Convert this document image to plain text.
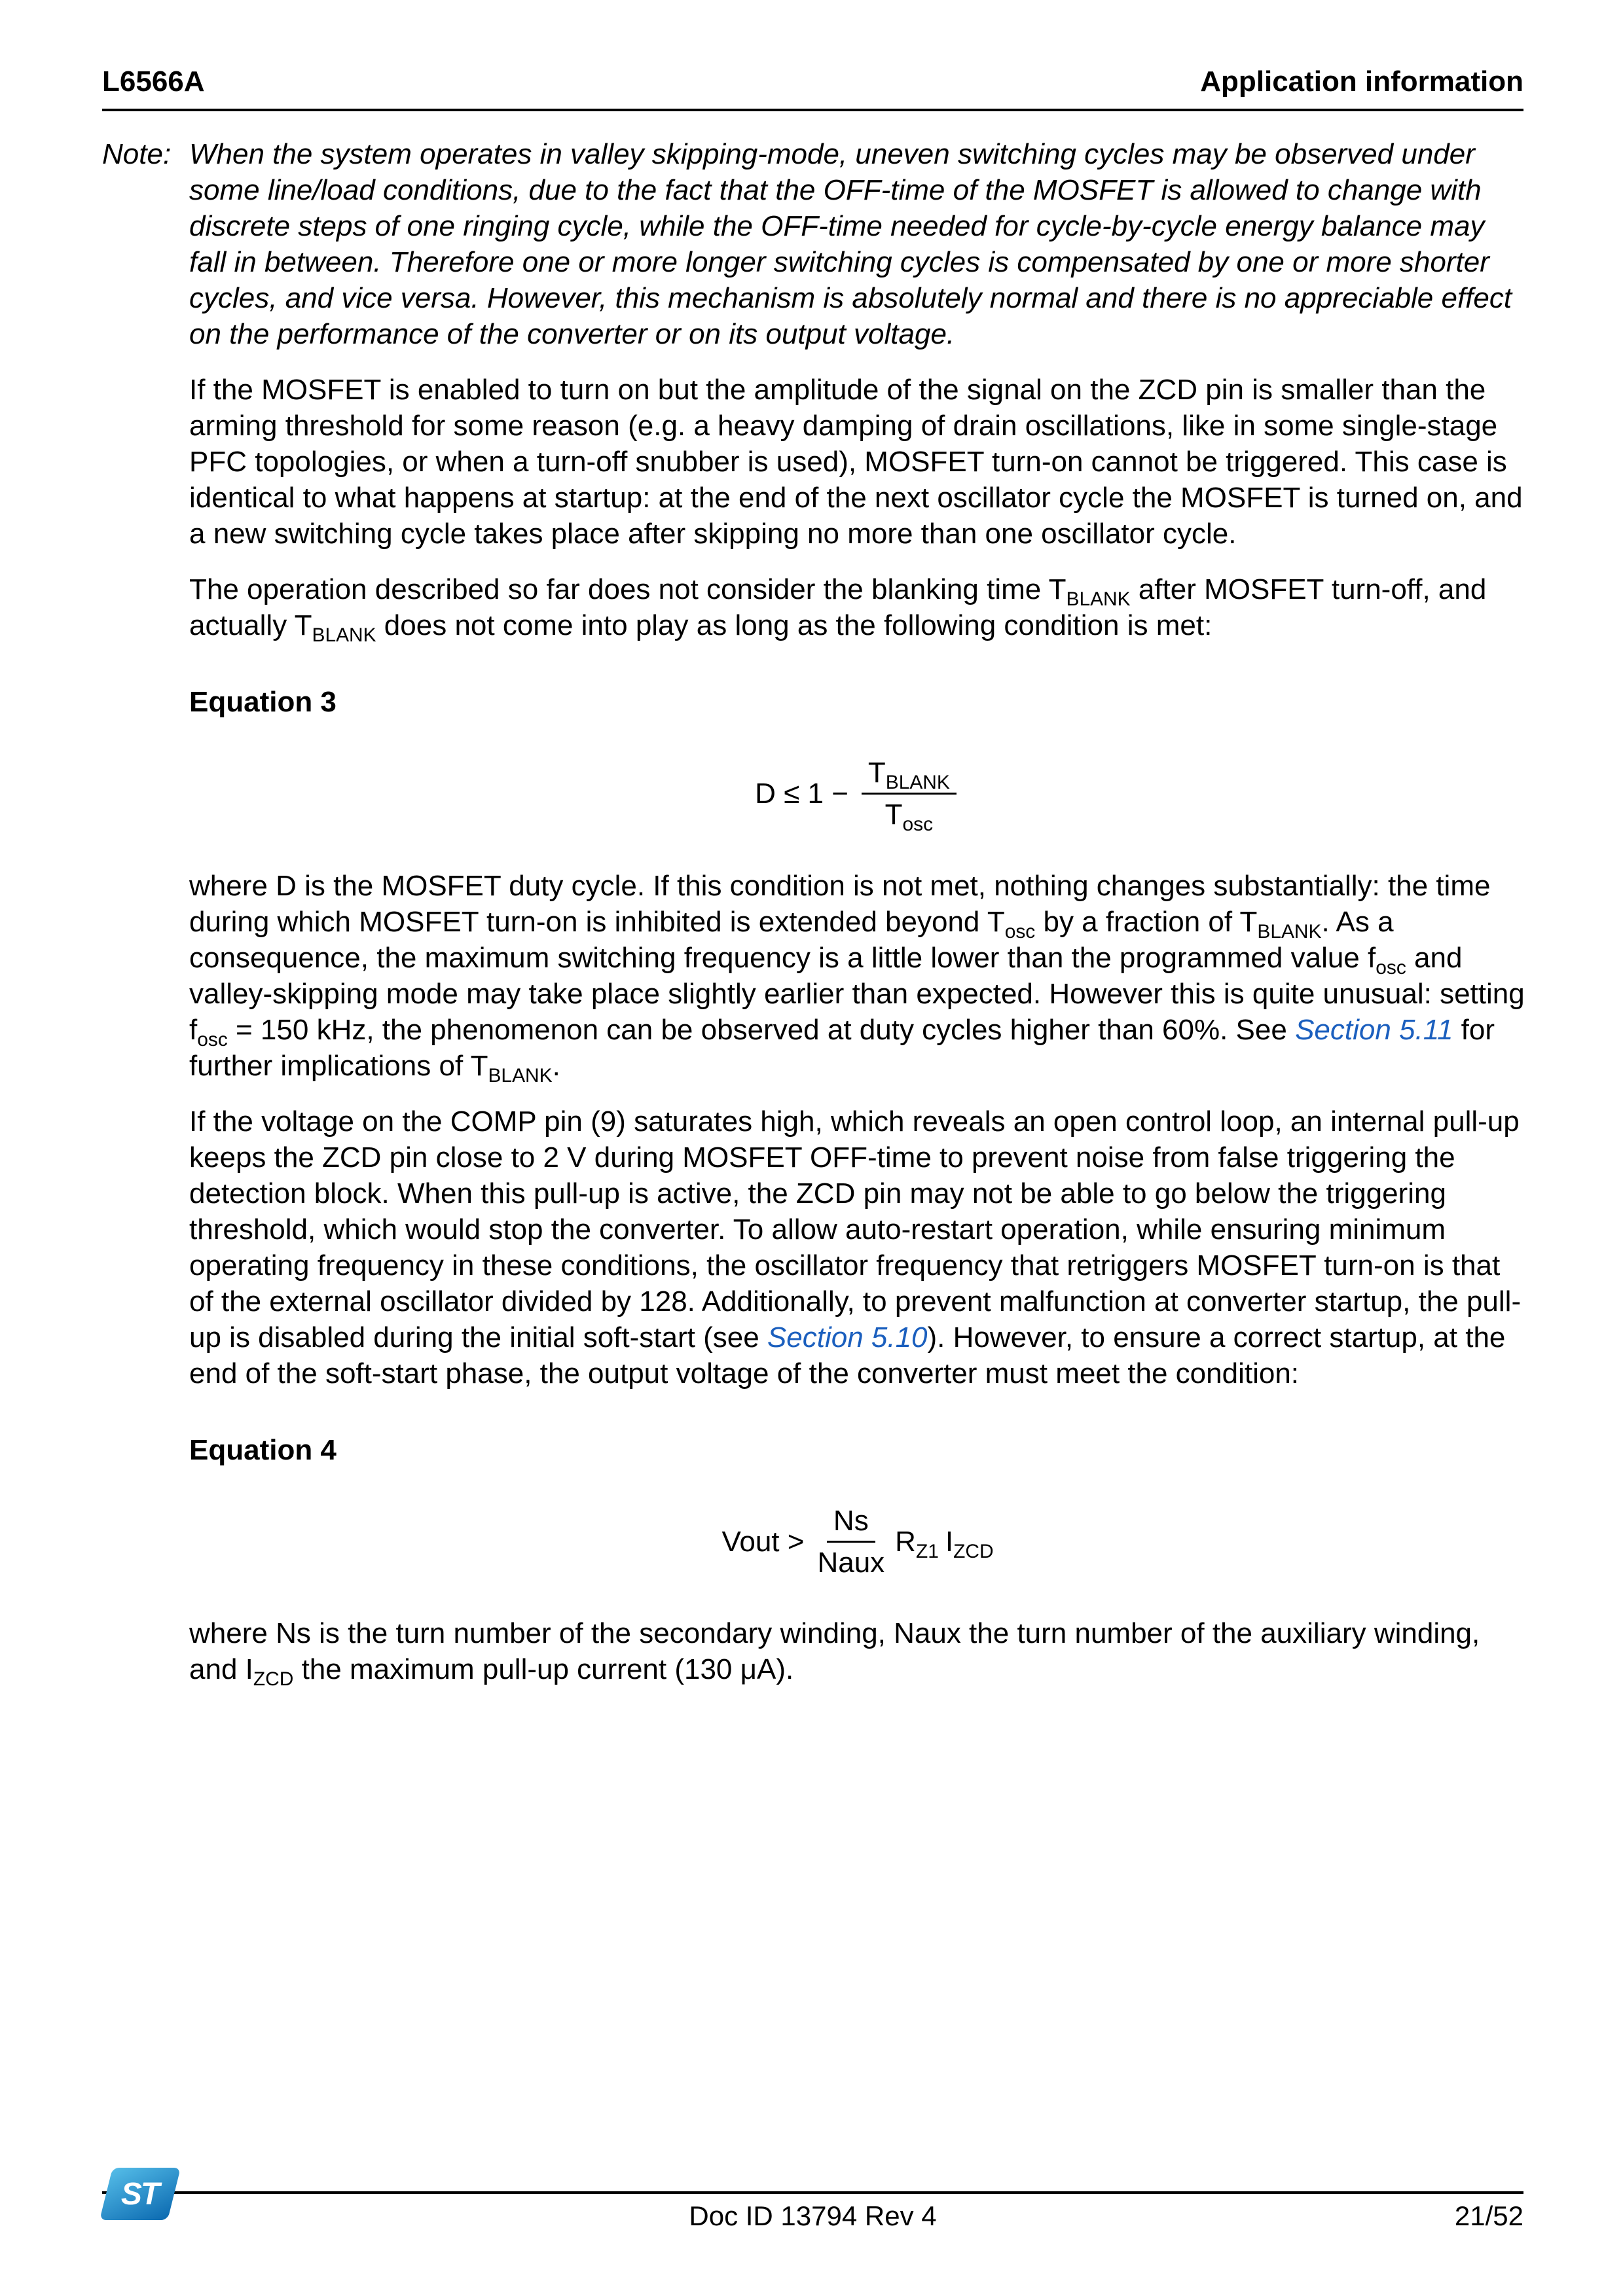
L6566A	Application information
Note: When the system operates in valley skipping-mode, uneven switching cycles may be observed under some line/load conditions, due to the fact that the OFF-time of the MOSFET is allowed to change with discrete steps of one ringing cycle, while the OFF-time needed for cycle-by-cycle energy balance may fall in between. Therefore one or more longer switching cycles is compensated by one or more shorter cycles, and vice versa. However, this mechanism is absolutely normal and there is no appreciable effect on the performance of the converter or on its output voltage.

If the MOSFET is enabled to turn on but the amplitude of the signal on the ZCD pin is smaller than the arming threshold for some reason (e.g. a heavy damping of drain oscillations, like in some single-stage PFC topologies, or when a turn-off snubber is used), MOSFET turn-on cannot be triggered. This case is identical to what happens at startup: at the end of the next oscillator cycle the MOSFET is turned on, and a new switching cycle takes place after skipping no more than one oscillator cycle.

The operation described so far does not consider the blanking time $T_{BLANK}$ after MOSFET turn-off, and actually $T_{BLANK}$ does not come into play as long as the following condition is met:

Equation 3
$D \le 1 - \frac{T_{BLANK}}{T_{osc}}$

where D is the MOSFET duty cycle. If this condition is not met, nothing changes substantially: the time during which MOSFET turn-on is inhibited is extended beyond $T_{osc}$ by a fraction of $T_{BLANK}$. As a consequence, the maximum switching frequency is a little lower than the programmed value $f_{osc}$ and valley-skipping mode may take place slightly earlier than expected. However this is quite unusual: setting $f_{osc} = 150$ kHz, the phenomenon can be observed at duty cycles higher than 60%. See Section 5.11 for further implications of $T_{BLANK}$.

If the voltage on the COMP pin (9) saturates high, which reveals an open control loop, an internal pull-up keeps the ZCD pin close to 2 V during MOSFET OFF-time to prevent noise from false triggering the detection block. When this pull-up is active, the ZCD pin may not be able to go below the triggering threshold, which would stop the converter. To allow auto-restart operation, while ensuring minimum operating frequency in these conditions, the oscillator frequency that retriggers MOSFET turn-on is that of the external oscillator divided by 128. Additionally, to prevent malfunction at converter startup, the pull-up is disabled during the initial soft-start (see Section 5.10). However, to ensure a correct startup, at the end of the soft-start phase, the output voltage of the converter must meet the condition:

Equation 4
Vout > $\frac{Ns}{\text{Naux}} R_{Z1}$ $I_{ZCD}$

where Ns is the turn number of the secondary winding, Naux the turn number of the auxiliary winding, and $I_{ZCD}$ the maximum pull-up current (130 μA).

ST
Doc ID 13794 Rev 4	21/52
